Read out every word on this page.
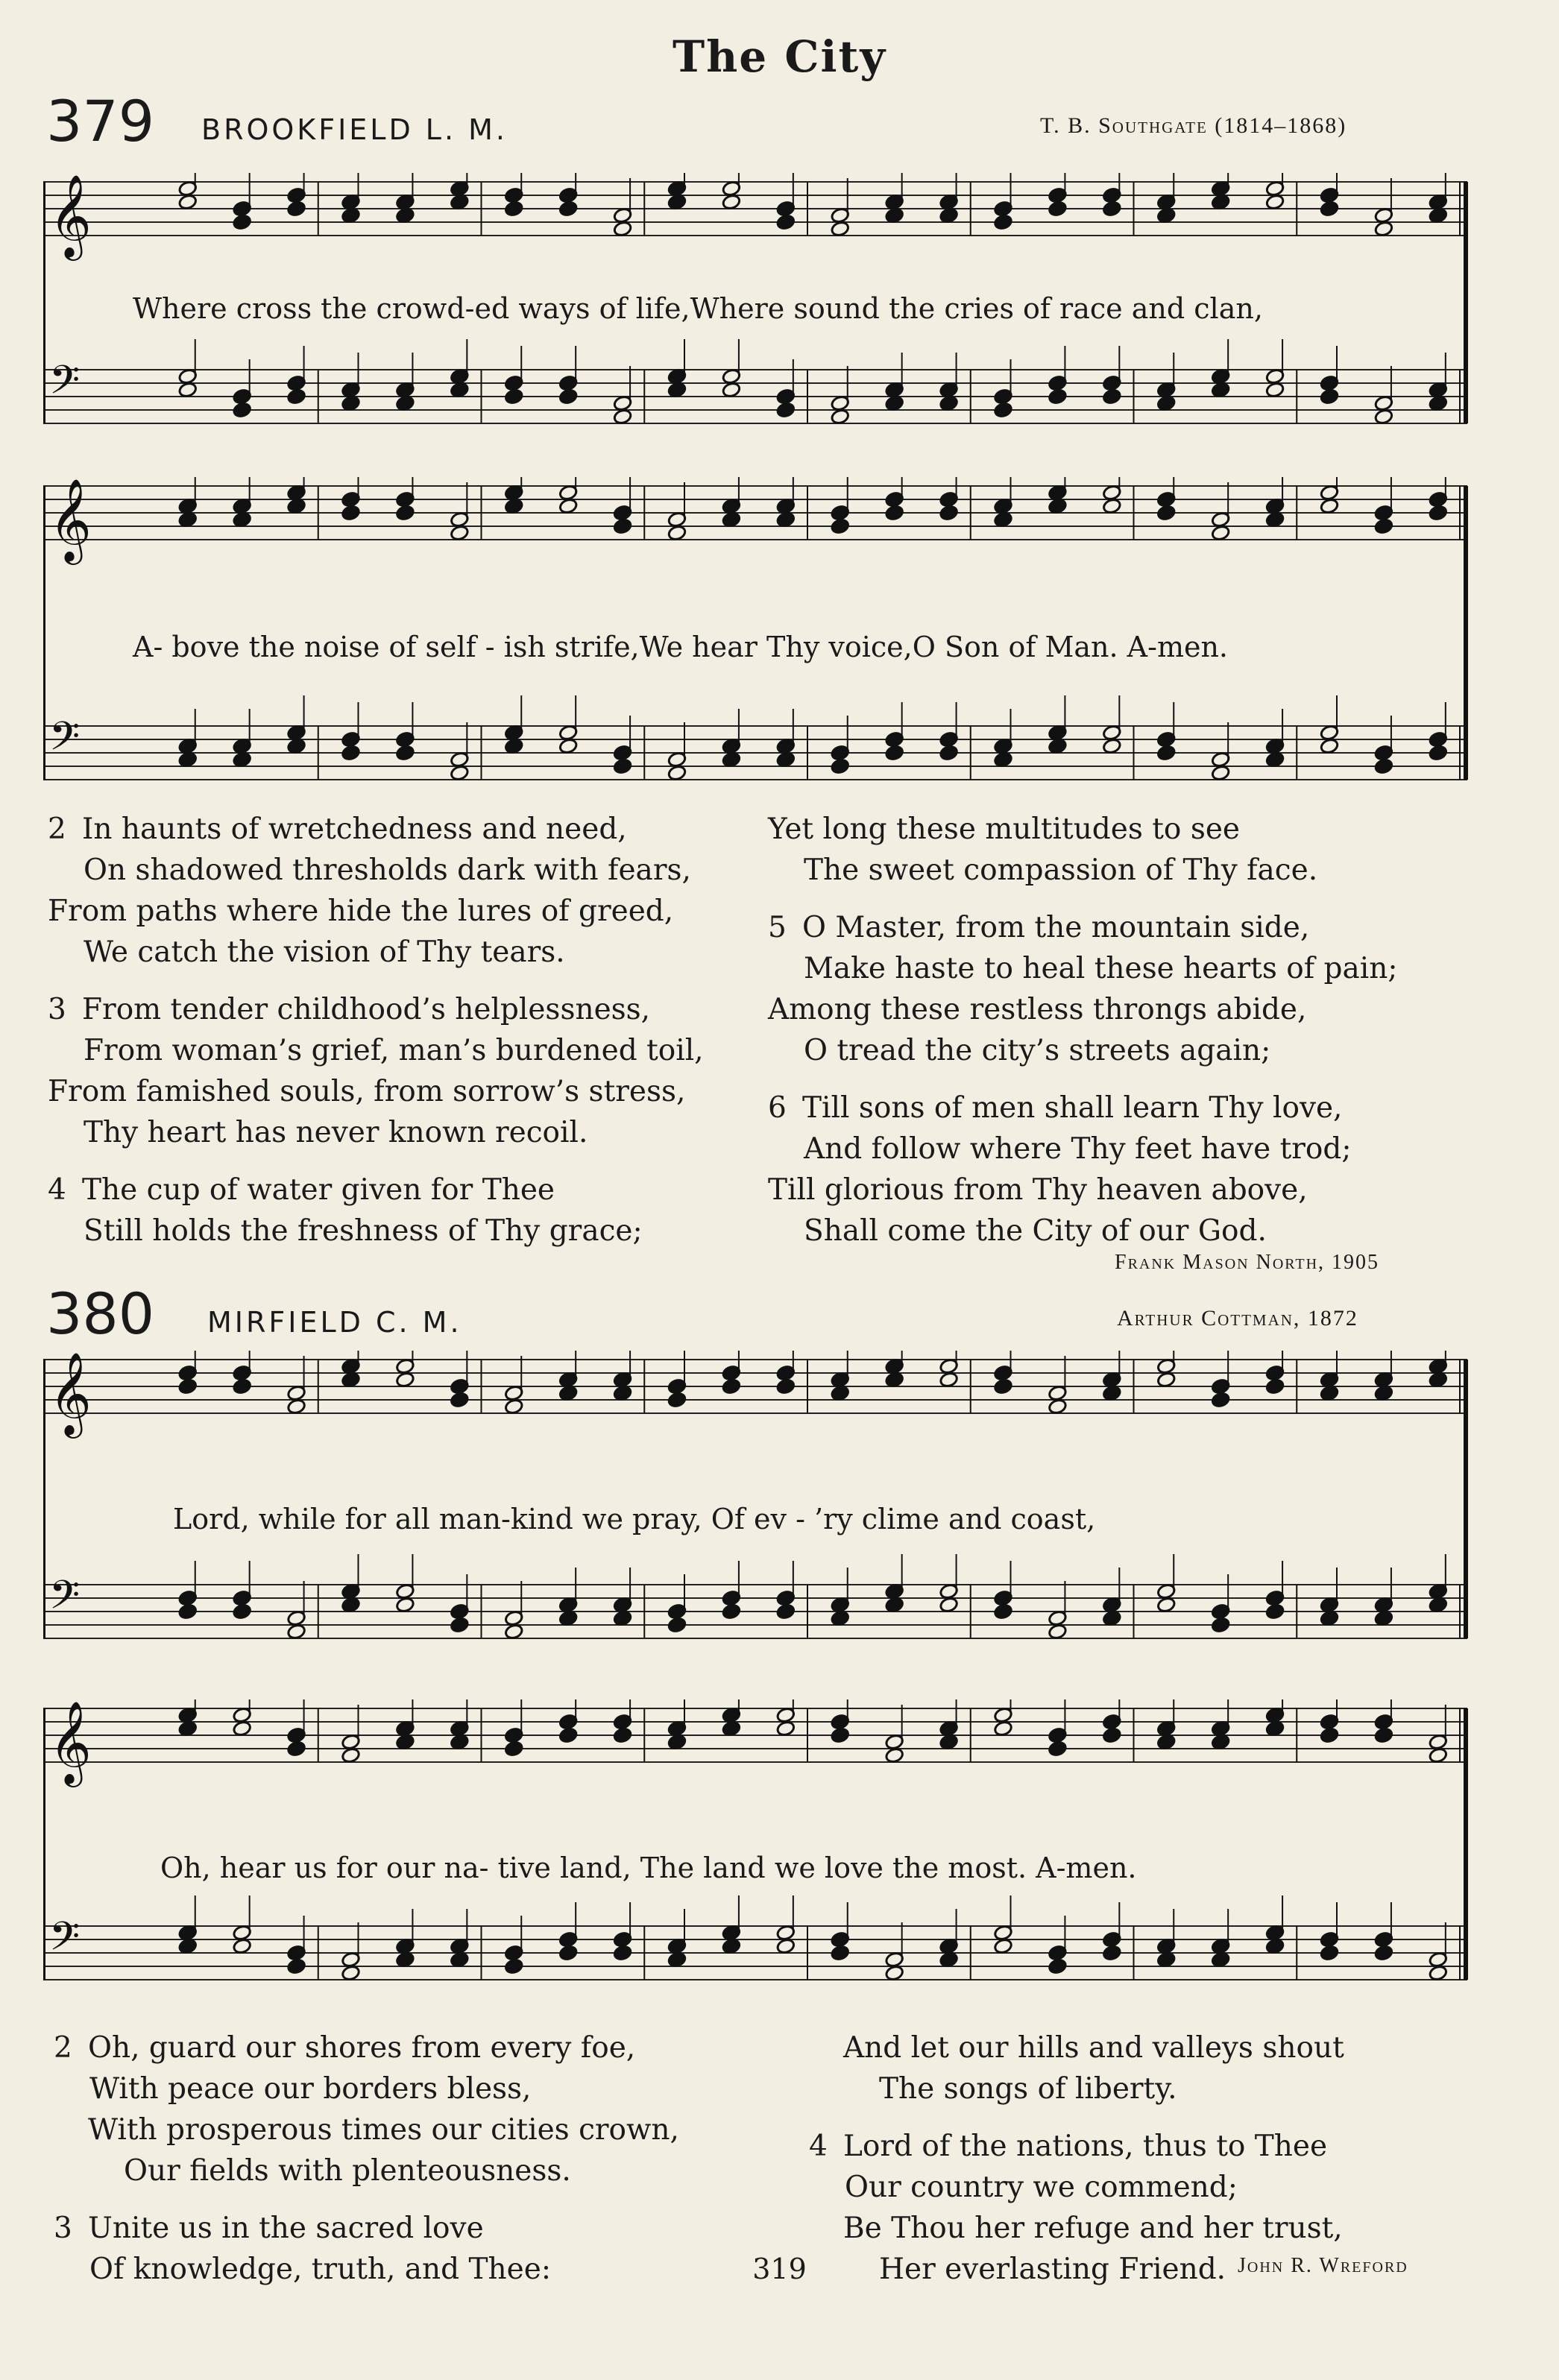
The City
379 BROOKFIELD L. M.	T. B. Southgate (1814–1868)
𝄞
𝄢
Where cross the crowd-ed ways of life,Where sound the cries of race and clan,
𝄞
𝄢
A- bove the noise of self - ish strife,We hear Thy voice,O Son of Man. A-men.
2 In haunts of wretchedness and need,
On shadowed thresholds dark with fears,
From paths where hide the lures of greed,
We catch the vision of Thy tears.
3 From tender childhood’s helplessness,
From woman’s grief, man’s burdened toil,
From famished souls, from sorrow’s stress,
Thy heart has never known recoil.
4 The cup of water given for Thee
Still holds the freshness of Thy grace;
Yet long these multitudes to see
The sweet compassion of Thy face.
5 O Master, from the mountain side,
Make haste to heal these hearts of pain;
Among these restless throngs abide,
O tread the city’s streets again;
6 Till sons of men shall learn Thy love,
And follow where Thy feet have trod;
Till glorious from Thy heaven above,
Shall come the City of our God.
Frank Mason North, 1905
380 MIRFIELD C. M.	Arthur Cottman, 1872
𝄞
𝄢
Lord, while for all man-kind we pray, Of ev - ’ry clime and coast,
𝄞
𝄢
Oh, hear us for our na- tive land, The land we love the most. A-men.
2 Oh, guard our shores from every foe,
With peace our borders bless,
With prosperous times our cities crown,
Our fields with plenteousness.
3 Unite us in the sacred love
Of knowledge, truth, and Thee:
And let our hills and valleys shout
The songs of liberty.
4 Lord of the nations, thus to Thee
Our country we commend;
Be Thou her refuge and her trust,
Her everlasting Friend. John R. Wreford
319
